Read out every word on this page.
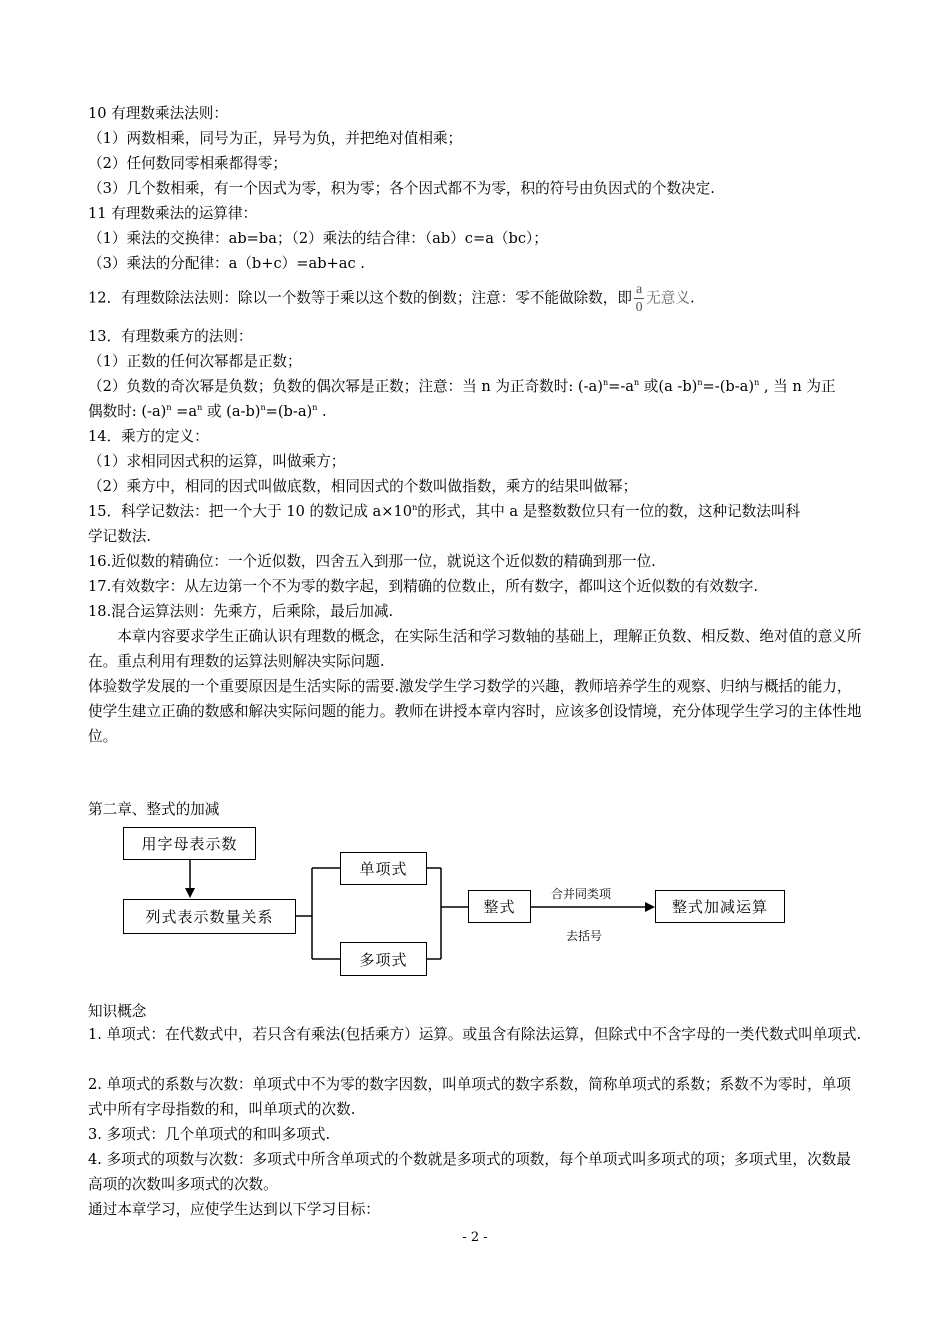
10 有理数乘法法则：
（1）两数相乘，同号为正，异号为负，并把绝对值相乘；
（2）任何数同零相乘都得零；
（3）几个数相乘，有一个因式为零，积为零；各个因式都不为零，积的符号由负因式的个数决定.
11 有理数乘法的运算律：
（1）乘法的交换律：ab=ba；（2）乘法的结合律：（ab）c=a（bc）；
（3）乘法的分配律：a（b+c）=ab+ac .
12．有理数除法法则：除以一个数等于乘以这个数的倒数；注意：零不能做除数，即 $\frac{a}{0}$ 无意义.
13．有理数乘方的法则：
（1）正数的任何次幂都是正数；
（2）负数的奇次幂是负数；负数的偶次幂是正数；注意：当 n 为正奇数时: $(-a)^n=-a^n$ 或(a $-b)^n=-(b-a)^n$ , 当 n 为正
偶数时: $(-a)^n =a^n$ 或 $(a-b)^n=(b-a)^n$ .
14．乘方的定义：
（1）求相同因式积的运算，叫做乘方；
（2）乘方中，相同的因式叫做底数，相同因式的个数叫做指数，乘方的结果叫做幂；
15．科学记数法：把一个大于 10 的数记成 $a\times 10^n$的形式，其中 a 是整数数位只有一位的数，这种记数法叫科
学记数法.
16.近似数的精确位：一个近似数，四舍五入到那一位，就说这个近似数的精确到那一位.
17.有效数字：从左边第一个不为零的数字起，到精确的位数止，所有数字，都叫这个近似数的有效数字.
18.混合运算法则：先乘方，后乘除，最后加减.
本章内容要求学生正确认识有理数的概念，在实际生活和学习数轴的基础上，理解正负数、相反数、绝对值的意义所在。重点利用有理数的运算法则解决实际问题.
体验数学发展的一个重要原因是生活实际的需要.激发学生学习数学的兴趣，教师培养学生的观察、归纳与概括的能力，使学生建立正确的数感和解决实际问题的能力。教师在讲授本章内容时，应该多创设情境，充分体现学生学习的主体性地位。
第二章、整式的加减
用字母表示数
列式表示数量关系
单项式
多项式
整式	整式加减运算
合并同类项
去括号
知识概念
1. 单项式：在代数式中，若只含有乘法(包括乘方）运算。或虽含有除法运算，但除式中不含字母的一类代数式叫单项式.
2. 单项式的系数与次数：单项式中不为零的数字因数，叫单项式的数字系数，简称单项式的系数；系数不为零时，单项式中所有字母指数的和，叫单项式的次数.
3. 多项式：几个单项式的和叫多项式.
4. 多项式的项数与次数：多项式中所含单项式的个数就是多项式的项数，每个单项式叫多项式的项；多项式里，次数最高项的次数叫多项式的次数。
通过本章学习，应使学生达到以下学习目标：
- 2 -
